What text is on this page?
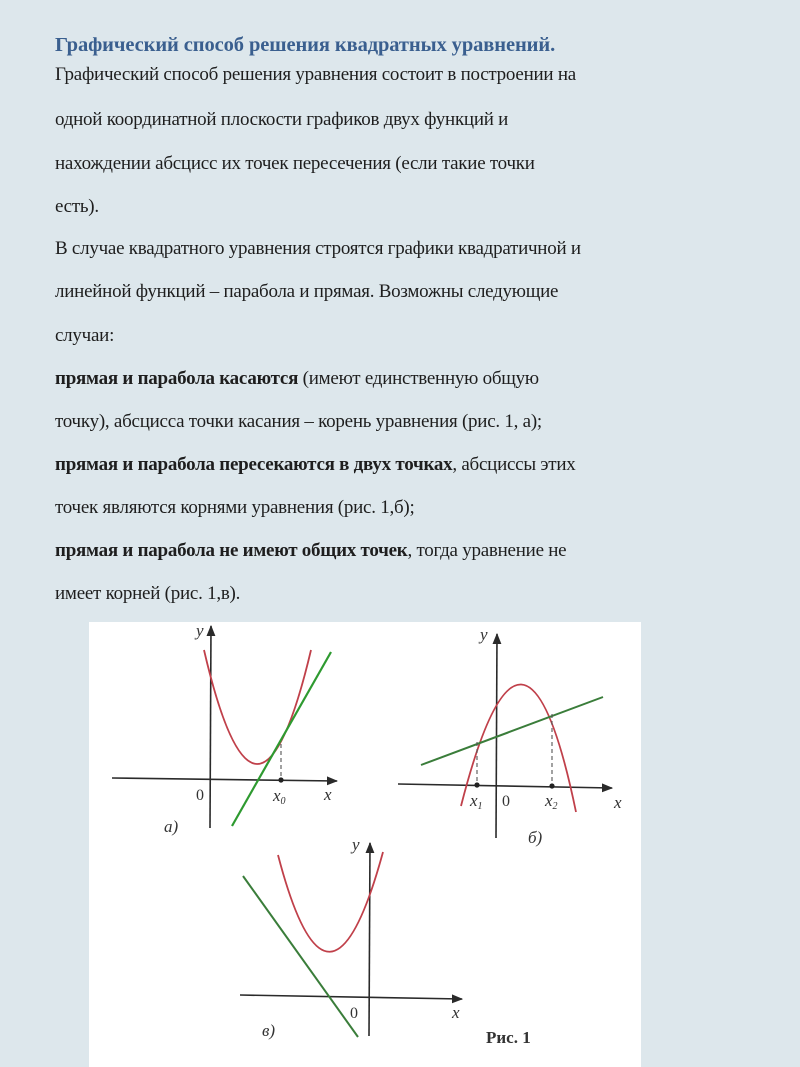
Графический способ решения квадратных уравнений.
Графический способ решения уравнения состоит в построении на
одной координатной плоскости графиков двух функций и
нахождении абсцисс их точек пересечения (если такие точки
есть).
В случае квадратного уравнения строятся графики квадратичной и
линейной функций – парабола и прямая. Возможны следующие
случаи:
прямая и парабола касаются (имеют единственную общую
точку), абсцисса точки касания – корень уравнения (рис. 1, а);
прямая и парабола пересекаются в двух точках, абсциссы этих
точек являются корнями уравнения (рис. 1,б);
прямая и парабола не имеют общих точек, тогда уравнение не
имеет корней (рис. 1,в).
y
x
0	x0
а)
y
x
0
x1	x2
б)
y
x
0
в)	Рис. 1
